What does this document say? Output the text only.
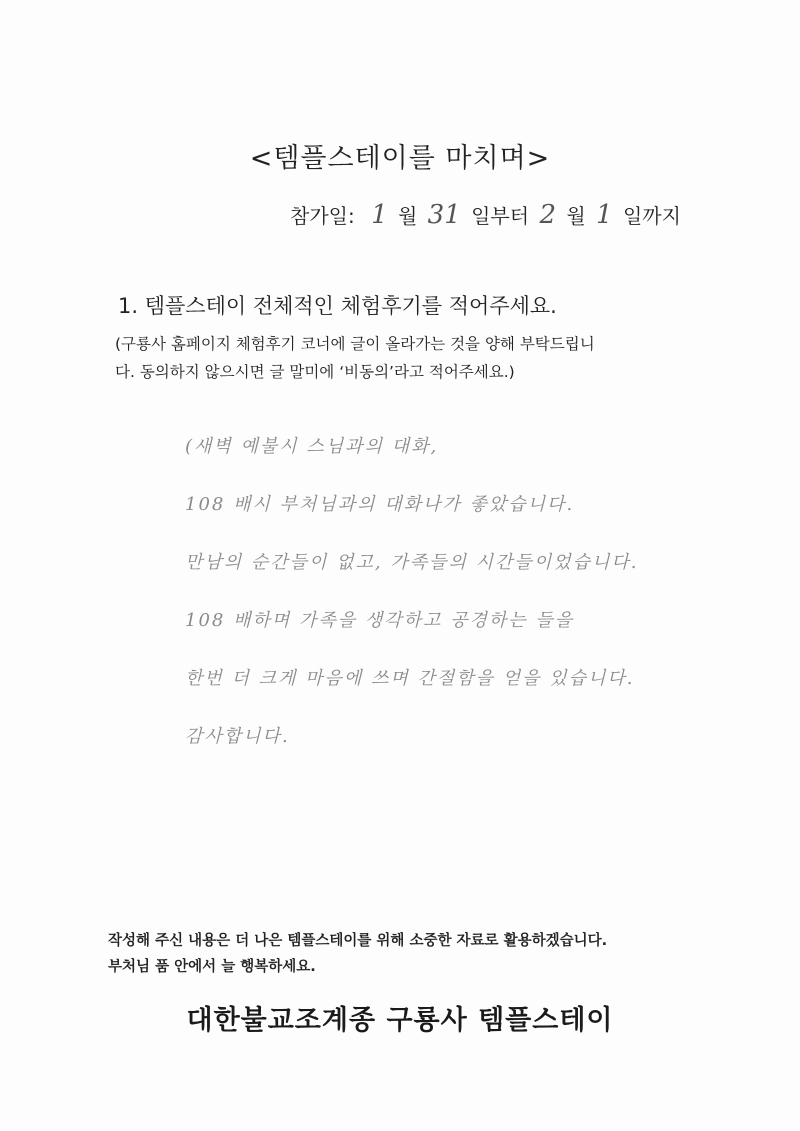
<템플스테이를 마치며>
참가일: 1 월 31 일부터 2 월 1 일까지
1. 템플스테이 전체적인 체험후기를 적어주세요.
(구룡사 홈페이지 체험후기 코너에 글이 올라가는 것을 양해 부탁드립니
다. 동의하지 않으시면 글 말미에 ‘비동의’라고 적어주세요.)
(새벽 예불시 스님과의 대화,
108 배시 부처님과의 대화나가 좋았습니다.
만남의 순간들이 없고, 가족들의 시간들이었습니다.
108 배하며 가족을 생각하고 공경하는 들을
한번 더 크게 마음에 쓰며 간절함을 얻을 있습니다.
감사합니다.
작성해 주신 내용은 더 나은 템플스테이를 위해 소중한 자료로 활용하겠습니다.
부처님 품 안에서 늘 행복하세요.
대한불교조계종 구룡사 템플스테이
